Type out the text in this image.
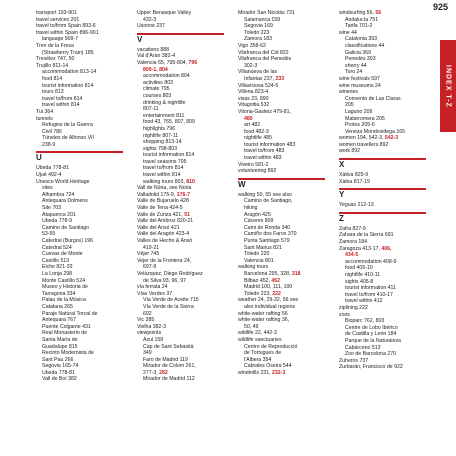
925
INDEX T-Z
transport 193-901
travel services 201
travel to/from Spain 893-6
travel within Spain 896-901
language 909-7
Tren de la Fresa
(Strawberry Train) 185
Trevélez 747, 50
Trujillo 811-14
accommodation 813-14
food 814
tourist information 814
tours 813
travel to/from 814
travel within 814
Tui 364
tunnels
Refugios de la Guerra
Civil 786
Túneles de Alfonso VII
238-9
U
Úbeda 778-81
Ujué 492-4
Unesco World Heritage
sites
Alhambra 724
Antequara Dolmens
Site 703
Atapuerca 201
Úbeda 778-9
Camino de Santiago
53-55
Catedral (Burgos) 196
Catedral 524
Cuevas de Monte
Castillo 513
Elche 821-33
La Lonja 298
Monte Castillo 524
Museo y Historia de
Tarragona 334
Palau de la Música
Catalana 265
Paraje Natural Torcal de
Antequara 767
Puente Colgante 431
Real Monasterio de
Santa María de
Guadalupe 815
Recinto Modernista de
Sant Pau 266
Segovia 165-74
Úbeda 778-81
Vall de Boí 382
Upper Benasque Valley
432-3
Usoone 237
V
vacations 888
Val d'Aran 382-4
Valencia 65, 795-804, 796
800-1, 804
accommodation 804
activities 803
climate 795
courses 803
drinking & nightlife
807-11
entertainment 811
food 43, 765, 807, 809
highlights 796
nightlife 807-11
shopping 813-14
sights 798-803
tourist information 814
travel seasons 795
travel to/from 814
travel within 814
walking tours 803, 810
Vall de Núria, see Núria
Valladolid 175-9, 176-7
Valle de Bujaruelo 428
Valle de Tena 424-5
Valle de Zuriza 421, 51
Valle del Ambroz 820-21
Valle del Ansó 421
Valle del Aragón 423-4
Valles de Hecho & Ansó
419-21
Véjer 745
Vejer de la Frontera 24,
697-9
Velázquez, Diego Rodríguez
de Silva 93, 96, 97
vía ferrata 24
Vías Verdes 37
Vía Verde de Aceite 715
Vía Verde de la Sierra
692
Vic 385
Vielha 382-3
viewpoints
Azul 158
Cap de Sant Sebastià
349
Faro de Madrid 119
Mirador de Colom 261,
277-3, 282
Mirador de Madrid 112
Mirador San Nicolás 731
Salamanca 159
Segovia 169
Toledo 223
Zamora 183
Vigo 358-62
Vilafranca del Cid 822
Vilafranca del Penedès
302-3
Villanueva de las
Infantas 237, 233
Villaviciosa 524-5
Villena 823-4
visas 23, 890
Vitagoitia 532
Vitoria-Gasteiz 479-81,
480
art 482
food 482-3
nightlife 485
tourist information 483
travel to/from 483
travel within 483
Viveiro 581-2
volunteering 892
W
walking 50, 55 see also
Camino de Santiago,
hiking
Aragón 425
Cáceres 809
Cami de Ronda 340
Camiño dos Faros 370
Punta Santiago 579
Sant Marius 821
Toledo 220
Valencia 801
walking tours
Barcelona 295, 328, 318
Bilbao 452, 452
Madrid 100, 111, 100
Toledo 223, 222
weather 24, 29-32, 56 see
also individual regions
white-water rafting 56
white-water rafting 36,
50, 49
wildlife 22, 442-3
wildlife sanctuaries
Centro de Reproducció
de Tortugues de
l'Albera 354
Cabrales Oseira 544
windmills 231, 232-3
windsurfing 56, 56
Andalucía 751
Tarifa 701-2
wine 44
Catalonia 393
classifications 44
Galicia 369
Penedès 303
sherry 44
Toro 24
wine festivals 597
wine museums 24
wineries
Convento de Las Claras
205
Laguno 209
Matarromera 205
Protos 205-6
Veneza Mondovidega 165
women 194, 542-3, 542-3
women travellers 892
work 892
X
Xàtiva 825-9
Xàbia 817-19
Y
Yeguas 212-13
Z
Zafra 827-9
Zahara de la Sierra 691
Zamora 184
Zaragoza 413-17, 406,
434-5
accommodation 408-9
food 409-10
nightlife 410-11
sights 405-8
tourist information 411
travel to/from 410-17
travel within 412
ziplining 222
zoos
Bioparc 762, 803
Centre de Lobo Ibérico
de Castilla y León 184
Parque de la Naturaleza
Cabárceno 513
Zoo de Barcelona 270
Zuheros 737
Zurbarán, Francisco de 922
